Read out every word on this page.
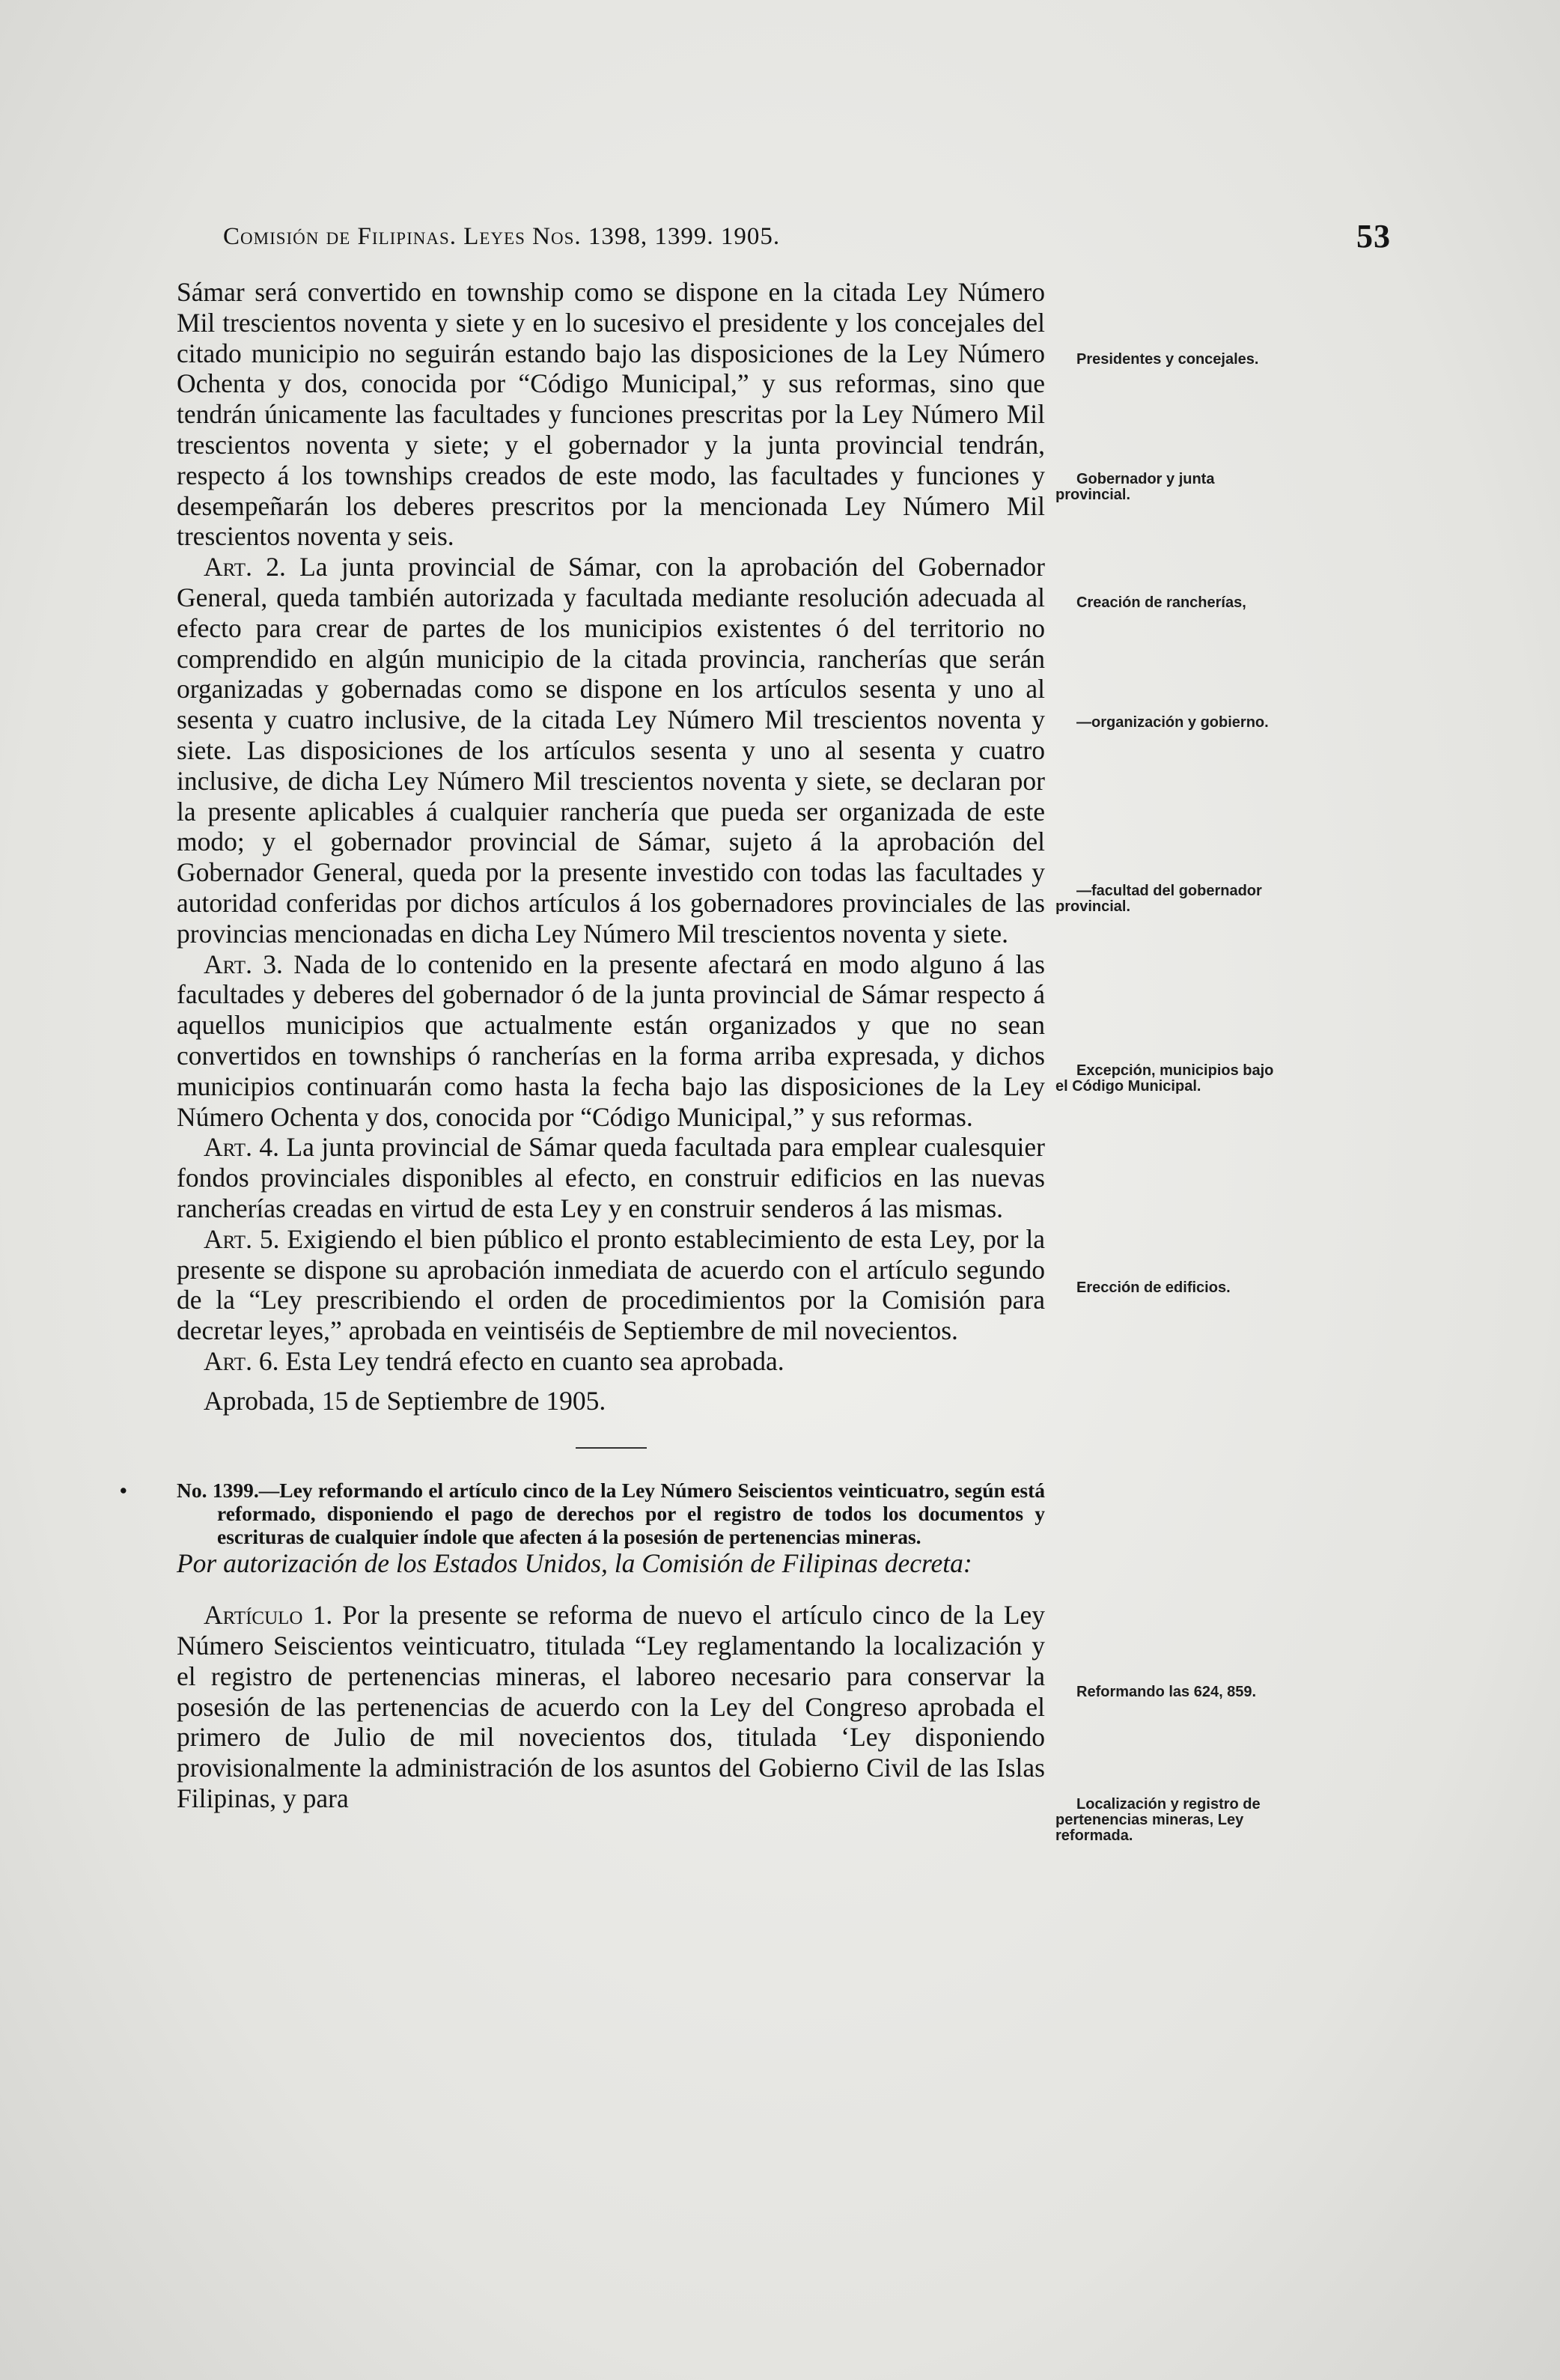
Comisión de Filipinas. Leyes Nos. 1398, 1399. 1905.	53

Sámar será convertido en township como se dispone en la citada Ley Número Mil trescientos noventa y siete y en lo sucesivo el presidente y los concejales del citado municipio no seguirán estando bajo las disposiciones de la Ley Número Ochenta y dos, conocida por “Código Municipal,” y sus reformas, sino que tendrán únicamente las facultades y funciones prescritas por la Ley Número Mil trescientos noventa y siete; y el gobernador y la junta provincial tendrán, respecto á los townships creados de este modo, las facultades y funciones y desempeñarán los deberes prescritos por la mencionada Ley Número Mil trescientos noventa y seis.

Art. 2. La junta provincial de Sámar, con la aprobación del Gobernador General, queda también autorizada y facultada mediante resolución adecuada al efecto para crear de partes de los municipios existentes ó del territorio no comprendido en algún municipio de la citada provincia, rancherías que serán organizadas y gobernadas como se dispone en los artículos sesenta y uno al sesenta y cuatro inclusive, de la citada Ley Número Mil trescientos noventa y siete. Las disposiciones de los artículos sesenta y uno al sesenta y cuatro inclusive, de dicha Ley Número Mil trescientos noventa y siete, se declaran por la presente aplicables á cualquier ranchería que pueda ser organizada de este modo; y el gobernador provincial de Sámar, sujeto á la aprobación del Gobernador General, queda por la presente investido con todas las facultades y autoridad conferidas por dichos artículos á los gobernadores provinciales de las provincias mencionadas en dicha Ley Número Mil trescientos noventa y siete.

Art. 3. Nada de lo contenido en la presente afectará en modo alguno á las facultades y deberes del gobernador ó de la junta provincial de Sámar respecto á aquellos municipios que actualmente están organizados y que no sean convertidos en townships ó rancherías en la forma arriba expresada, y dichos municipios continuarán como hasta la fecha bajo las disposiciones de la Ley Número Ochenta y dos, conocida por “Código Municipal,” y sus reformas.

Art. 4. La junta provincial de Sámar queda facultada para emplear cualesquier fondos provinciales disponibles al efecto, en construir edificios en las nuevas rancherías creadas en virtud de esta Ley y en construir senderos á las mismas.

Art. 5. Exigiendo el bien público el pronto establecimiento de esta Ley, por la presente se dispone su aprobación inmediata de acuerdo con el artículo segundo de la “Ley prescribiendo el orden de procedimientos por la Comisión para decretar leyes,” aprobada en veintiséis de Septiembre de mil novecientos.

Art. 6. Esta Ley tendrá efecto en cuanto sea aprobada.

Aprobada, 15 de Septiembre de 1905.

• No. 1399.—Ley reformando el artículo cinco de la Ley Número Seiscientos veinticuatro, según está reformado, disponiendo el pago de derechos por el registro de todos los documentos y escrituras de cualquier índole que afecten á la posesión de pertenencias mineras.

Por autorización de los Estados Unidos, la Comisión de Filipinas decreta:

Artículo 1. Por la presente se reforma de nuevo el artículo cinco de la Ley Número Seiscientos veinticuatro, titulada “Ley reglamentando la localización y el registro de pertenencias mineras, el laboreo necesario para conservar la posesión de las pertenencias de acuerdo con la Ley del Congreso aprobada el primero de Julio de mil novecientos dos, titulada ‘Ley disponiendo provisionalmente la administración de los asuntos del Gobierno Civil de las Islas Filipinas, y para

Presidentes y concejales.
Gobernador y junta provincial.
Creación de rancherías,
—organización y gobierno.
—facultad del gobernador provincial.
Excepción, municipios bajo el Código Municipal.
Erección de edificios.
Reformando las 624, 859.
Localización y registro de pertenencias mineras, Ley reformada.
